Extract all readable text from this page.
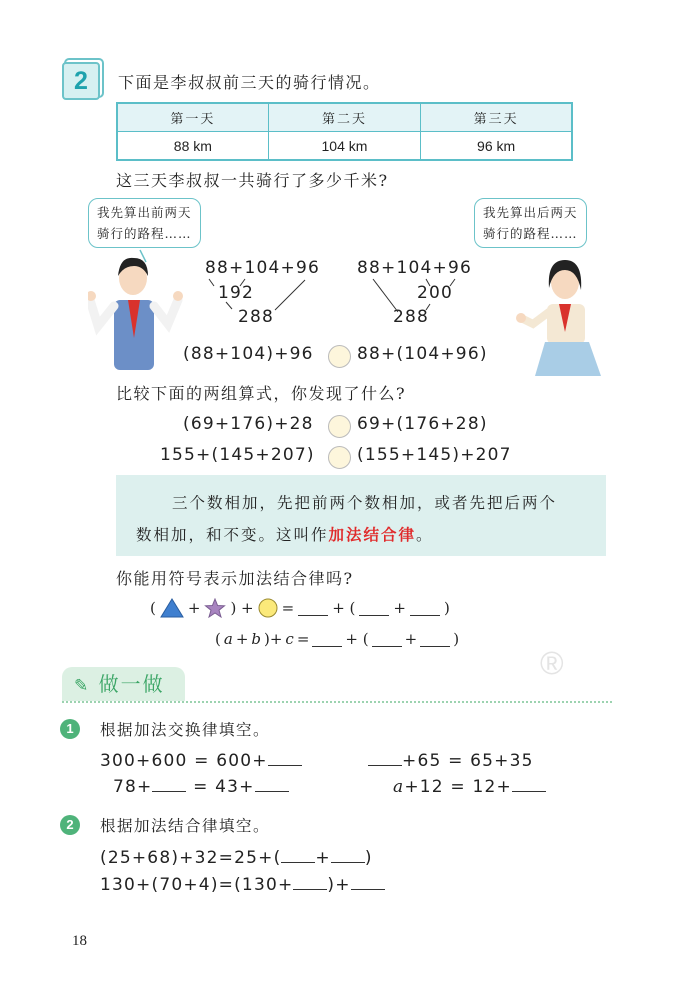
®
2	下面是李叔叔前三天的骑行情况。
第一天	第二天	第三天
88 km	104 km	96 km
这三天李叔叔一共骑行了多少千米?
我先算出前两天
骑行的路程……
我先算出后两天
骑行的路程……
88+104+96
192
288
88+104+96
200
288
(88+104)+96	88+(104+96)
比较下面的两组算式，你发现了什么?
(69+176)+28	69+(176+28)
155+(145+207) (155+145)+207

三个数相加，先把前两个数相加，或者先把后两个

数相加，和不变。这叫作加法结合律。

你能用符号表示加法结合律吗?
( + ) + =	+ (	+	)
( a + b )+ c = + ( + )
✎ 做一做
1	根据加法交换律填空。
300+600 = 600+	+65 = 65+35
78+ = 43+	a+12 = 12+
2	根据加法结合律填空。
(25+68)+32=25+( + )
130+(70+4)=(130+ )+
18
